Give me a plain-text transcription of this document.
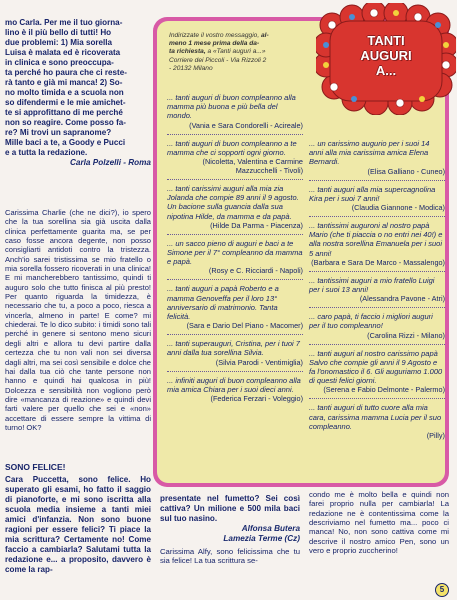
mo Carla. Per me il tuo giorna-

lino è il più bello di tutti! Ho

due problemi: 1) Mia sorella

Luisa è malata ed è ricoverata

in clinica e sono preoccupa-

ta perché ho paura che ci reste-

rà tanto e già mi manca! 2) So-

no molto timida e a scuola non

so difendermi e le mie amichet-

te si approfittano di me perché

non so reagire. Come posso fa-

re? Mi trovi un sapranome?

Mille baci a te, a Goody e Pucci

e a tutta la redazione.

Carla Polzelli - Roma

Carissima Charlie (che ne dici?), io spero che la tua sorellina sia già uscita dalla clinica perfettamente guarita ma, se per caso fosse ancora degente, non posso consigliarti antidoti contro la tristezza. Anch'io sarei tristissima se mio fratello o mia sorella fossero ricoverati in una clinica! E mi mancherebbero tantissimo, quindi ti auguro solo che tutto finisca al più presto! Per quanto riguarda la timidezza, è necessario che tu, a poco a poco, riesca a vincerla, almeno in parte! E come? mi chiederai. Te lo dico subito: i timidi sono tali perché in genere si sentono meno sicuri degli altri e allora tu devi partire dalla certezza che tu non vali non sei diversa dagli altri, ma sei così sensibile e dolce che hai dalla tua ciò che tante persone non hanno e quindi hai qualcosa in più! Dolcezza e sensibilità non vogliono però dire «mancanza di reazione» e quindi devi farti valere per quello che sei e «non» accettare di essere sempre la vittima di turno! OK?

SONO FELICE!

Cara Puccetta, sono felice. Ho superato gli esami, ho fatto il saggio di pianoforte, e mi sono iscritta alla scuola media insieme a tanti miei amici d'infanzia. Non sono buone ragioni per essere felici? Ti piace la mia scrittura? Certamente no! Come faccio a cambiarla? Salutami tutta la redazione e... a proposito, davvero è come la rap-

Indirizzate il vostro messaggio, al-
meno 1 mese prima della da-
ta richiesta, a «Tanti auguri a...»
Corriere dei Piccoli - Via Rizzoli 2
- 20132 Milano

... tanti auguri di buon compleanno alla mamma più buona e più bella del mondo.

(Vania e Sara Condorelli - Acireale)

... tanti auguri di buon compleanno a te mamma che ci sopporti ogni giorno.

(Nicoletta, Valentina e Carmine Mazzucchelli - Tivoli)

... tanti carissimi auguri alla mia zia Jolanda che compie 89 anni il 9 agosto. Un bacione sulla guancia dalla sua nipotina Hilde, da mamma e da papà.

(Hilde Da Parma - Piacenza)

... un sacco pieno di auguri e baci a te Simone per il 7° compleanno da mamma e papà.

(Rosy e C. Ricciardi - Napoli)

... tanti auguri a papà Roberto e a mamma Genoveffa per il loro 13° anniversario di matrimonio. Tanta felicità.

(Sara e Dario Del Piano - Macomer)

... tanti superauguri, Cristina, per i tuoi 7 anni dalla tua sorellina Silvia.

(Silvia Parodi - Ventimiglia)

... infiniti auguri di buon compleanno alla mia amica Chiara per i suoi dieci anni.

(Federica Ferzari - Voleggio)

... un carissimo augurio per i suoi 14 anni alla mia carissima amica Elena Bernardi.

(Elisa Galliano - Cuneo)

... tanti auguri alla mia supercagnolina Kira per i suoi 7 anni!

(Claudia Giannone - Modica)

... tantissimi auguroni al nostro papà Mario (che ti piaccia o no entri nei 40!) e alla nostra sorellina Emanuela per i suoi 5 anni!

(Barbara e Sara De Marco - Massalengo)

... tantissimi auguri a mio fratello Luigi per i suoi 13 anni!

(Alessandra Pavone - Atri)

... caro papà, ti faccio i migliori auguri per il tuo compleanno!

(Carolina Rizzi - Milano)

... tanti auguri al nostro carissimo papà Salvo che compie gli anni il 9 Agosto e fa l'onomastico il 6. Gli auguriamo 1.000 di questi felici giorni.

(Serena e Fabio Delmonte - Palermo)

... tanti auguri di tutto cuore alla mia cara, carissima mamma Lucia per il suo compleanno.

(Pilly)
TANTI
AUGURI
A...

presentate nel fumetto? Sei così cattiva? Un milione e 500 mila baci sul tuo nasino.

Alfonsa Butera
Lamezia Terme (Cz)

Carissima Alfy, sono felicissima che tu sia felice! La tua scrittura se-

condo me è molto bella e quindi non farei proprio nulla per cambiarla! La redazione ne è contentissima come la descriviamo nel fumetto ma... poco ci manca! No, non sono cattiva come mi descrive il nostro amico Pen, sono un vero e proprio zuccherino!

5
